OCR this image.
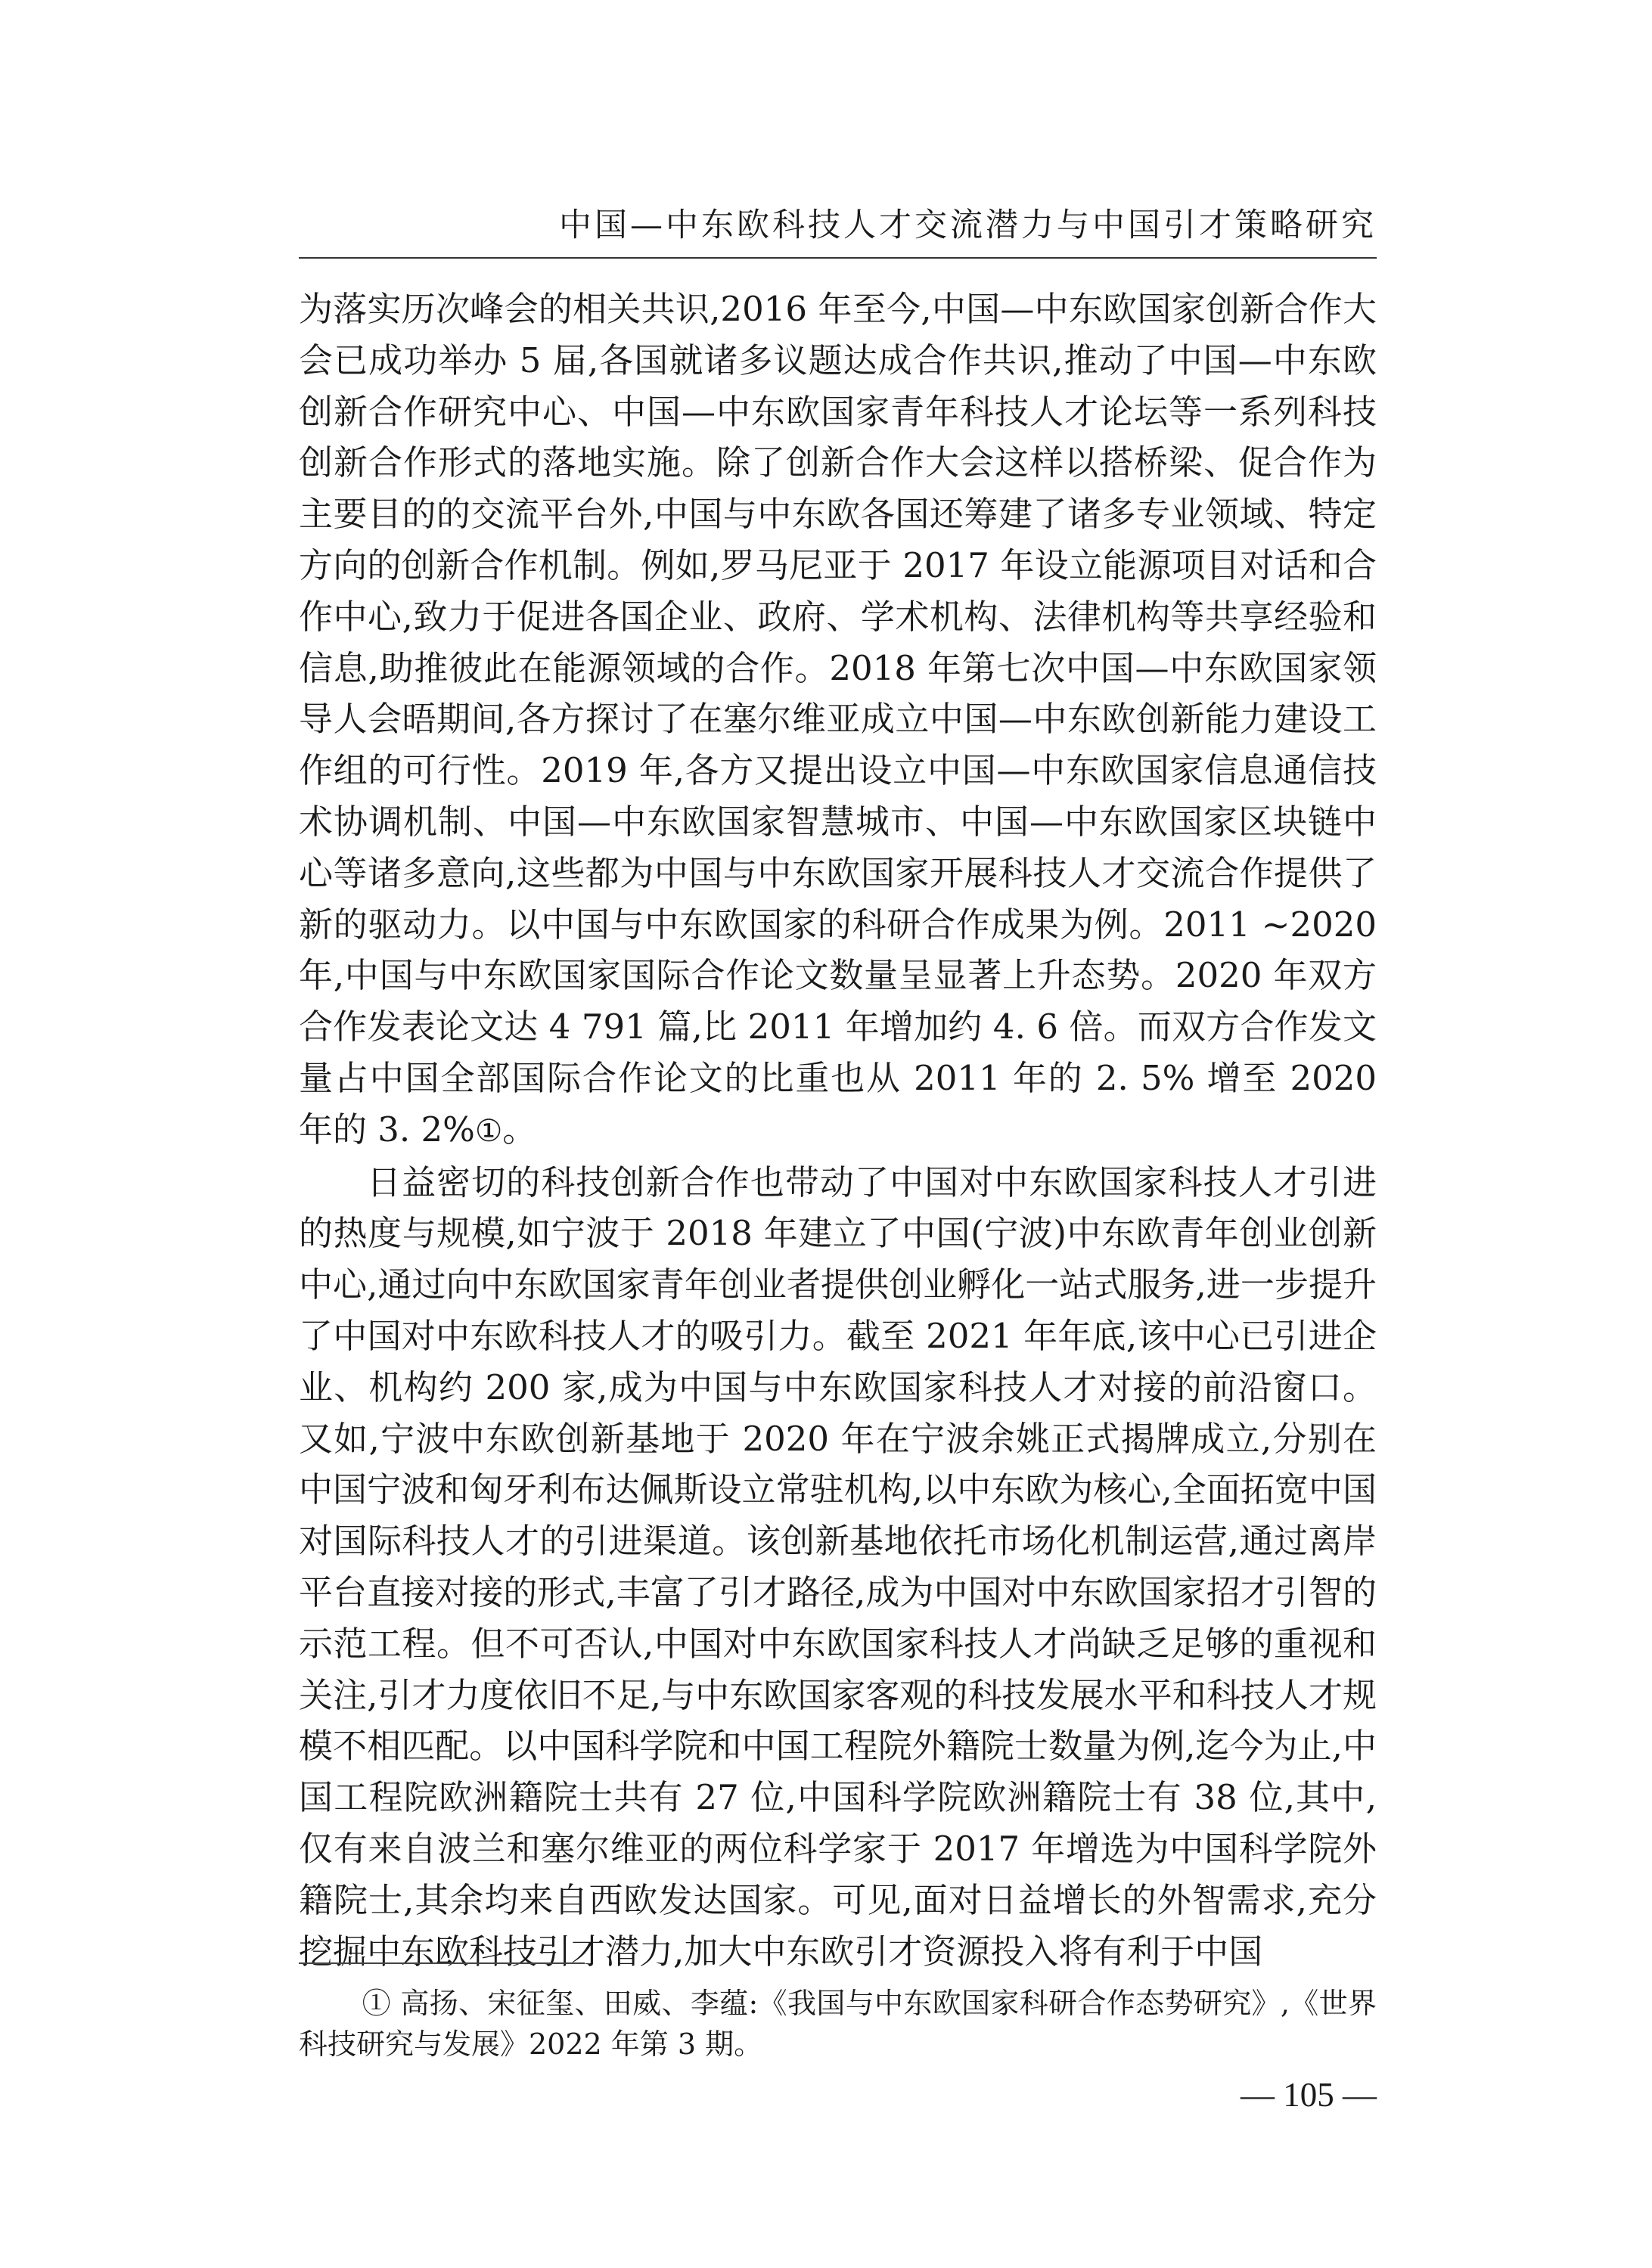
中国—中东欧科技人才交流潜力与中国引才策略研究

为落实历次峰会的相关共识,2016 年至今,中国—中东欧国家创新合作大会已成功举办 5 届,各国就诸多议题达成合作共识,推动了中国—中东欧创新合作研究中心、中国—中东欧国家青年科技人才论坛等一系列科技创新合作形式的落地实施。除了创新合作大会这样以搭桥梁、促合作为主要目的的交流平台外,中国与中东欧各国还筹建了诸多专业领域、特定方向的创新合作机制。例如,罗马尼亚于 2017 年设立能源项目对话和合作中心,致力于促进各国企业、政府、学术机构、法律机构等共享经验和信息,助推彼此在能源领域的合作。2018 年第七次中国—中东欧国家领导人会晤期间,各方探讨了在塞尔维亚成立中国—中东欧创新能力建设工作组的可行性。2019 年,各方又提出设立中国—中东欧国家信息通信技术协调机制、中国—中东欧国家智慧城市、中国—中东欧国家区块链中心等诸多意向,这些都为中国与中东欧国家开展科技人才交流合作提供了新的驱动力。以中国与中东欧国家的科研合作成果为例。2011 ~2020 年,中国与中东欧国家国际合作论文数量呈显著上升态势。2020 年双方合作发表论文达 4 791 篇,比 2011 年增加约 4. 6 倍。而双方合作发文量占中国全部国际合作论文的比重也从 2011 年的 2. 5% 增至 2020 年的 3. 2%①。

日益密切的科技创新合作也带动了中国对中东欧国家科技人才引进的热度与规模,如宁波于 2018 年建立了中国(宁波)中东欧青年创业创新中心,通过向中东欧国家青年创业者提供创业孵化一站式服务,进一步提升了中国对中东欧科技人才的吸引力。截至 2021 年年底,该中心已引进企业、机构约 200 家,成为中国与中东欧国家科技人才对接的前沿窗口。又如,宁波中东欧创新基地于 2020 年在宁波余姚正式揭牌成立,分别在中国宁波和匈牙利布达佩斯设立常驻机构,以中东欧为核心,全面拓宽中国对国际科技人才的引进渠道。该创新基地依托市场化机制运营,通过离岸平台直接对接的形式,丰富了引才路径,成为中国对中东欧国家招才引智的示范工程。但不可否认,中国对中东欧国家科技人才尚缺乏足够的重视和关注,引才力度依旧不足,与中东欧国家客观的科技发展水平和科技人才规模不相匹配。以中国科学院和中国工程院外籍院士数量为例,迄今为止,中国工程院欧洲籍院士共有 27 位,中国科学院欧洲籍院士有 38 位,其中,仅有来自波兰和塞尔维亚的两位科学家于 2017 年增选为中国科学院外籍院士,其余均来自西欧发达国家。可见,面对日益增长的外智需求,充分挖掘中东欧科技引才潜力,加大中东欧引才资源投入将有利于中国

① 高扬、宋征玺、田威、李蕴:《我国与中东欧国家科研合作态势研究》,《世界科技研究与发展》2022 年第 3 期。
— 105 —
